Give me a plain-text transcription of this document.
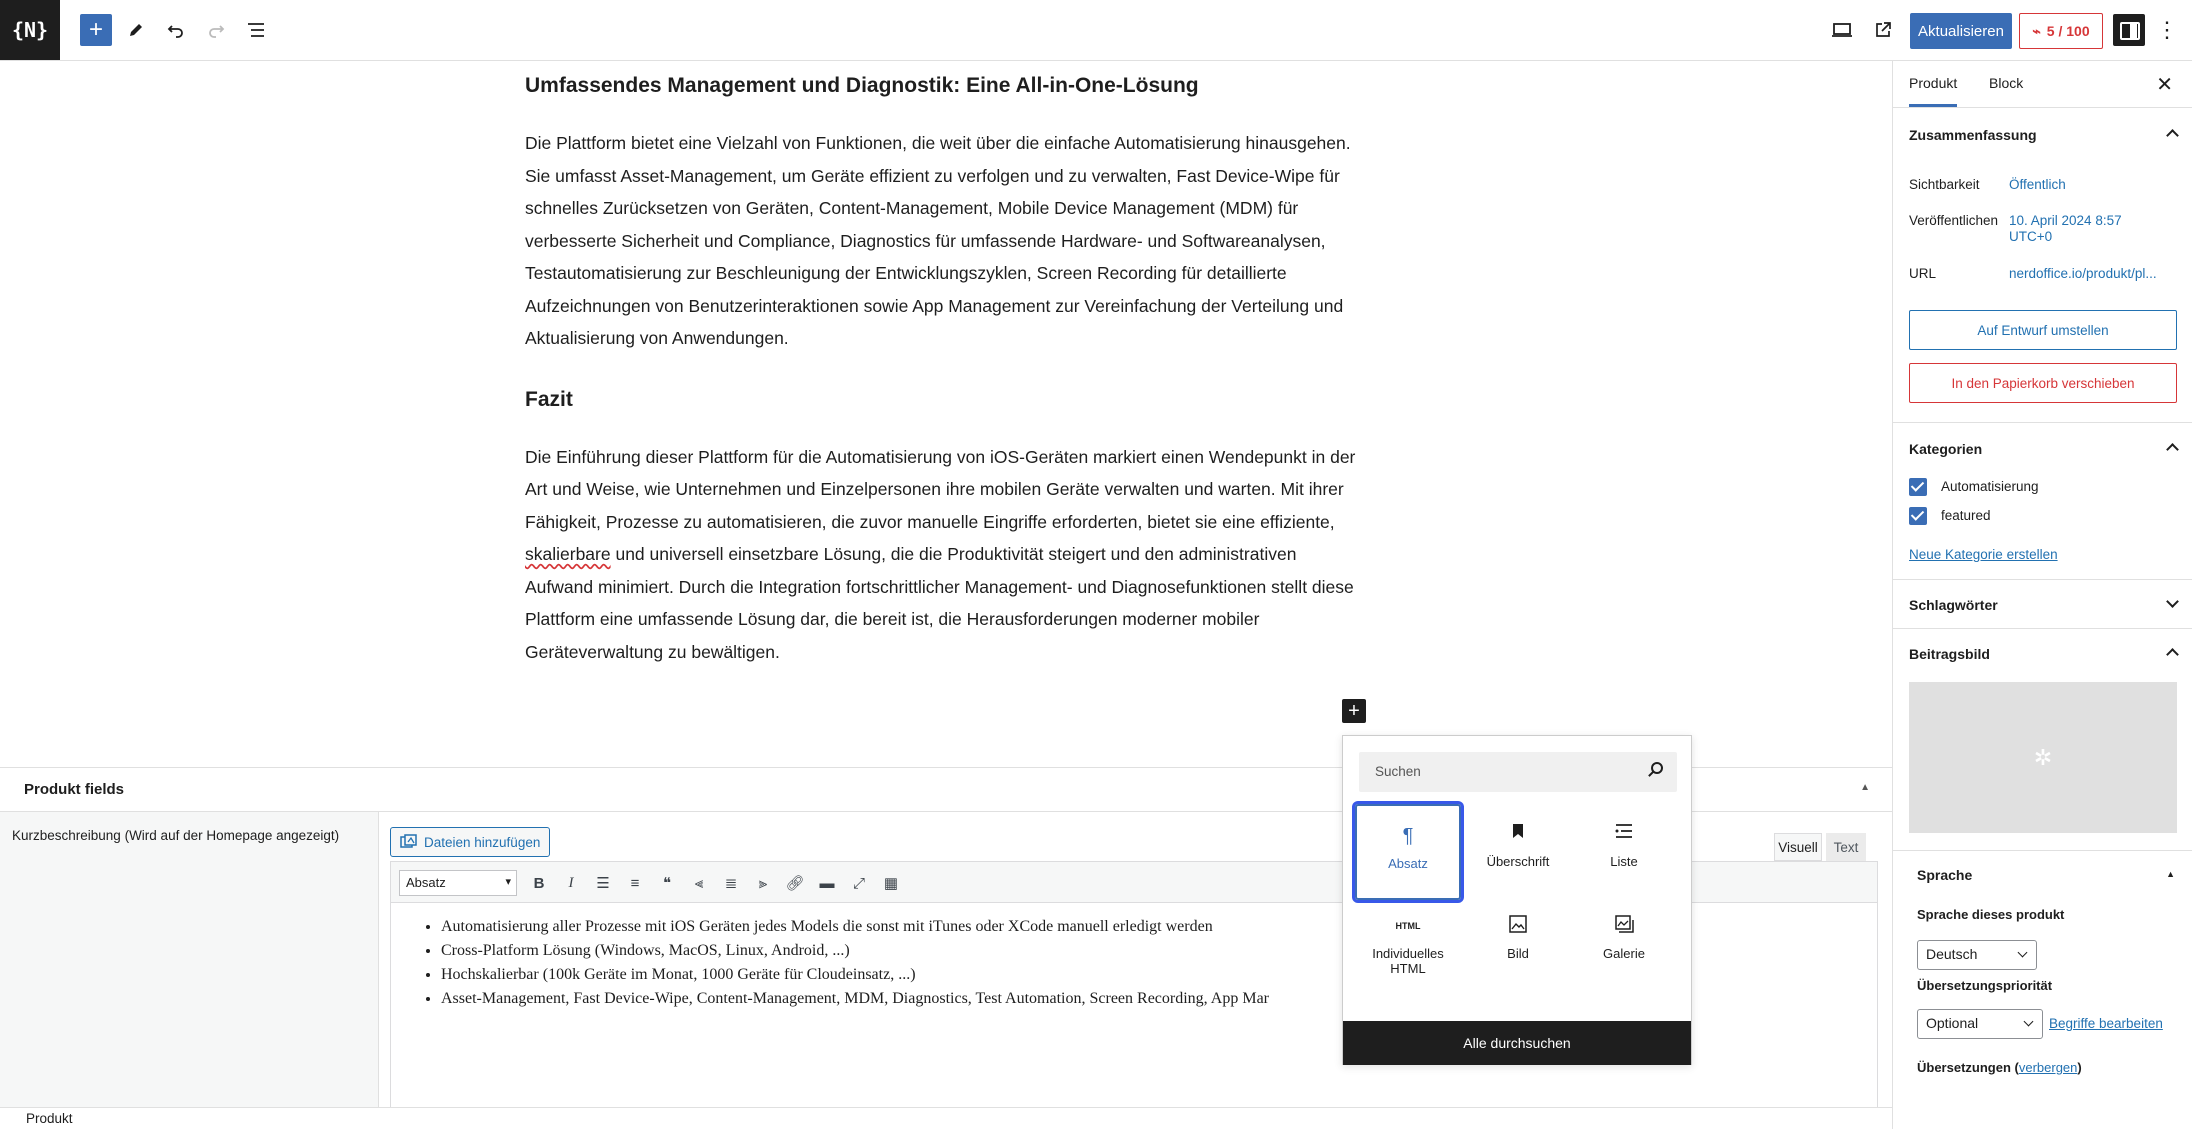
{N} +	Aktualisieren	⌁ 5 / 100	⋮
Umfassendes Management und Diagnostik: Eine All-in-One-Lösung

Die Plattform bietet eine Vielzahl von Funktionen, die weit über die einfache Automatisierung hinausgehen. Sie umfasst Asset-Management, um Geräte effizient zu verfolgen und zu verwalten, Fast Device-Wipe für schnelles Zurücksetzen von Geräten, Content-Management, Mobile Device Management (MDM) für verbesserte Sicherheit und Compliance, Diagnostics für umfassende Hardware- und Softwareanalysen, Testautomatisierung zur Beschleunigung der Entwicklungszyklen, Screen Recording für detaillierte Aufzeichnungen von Benutzerinteraktionen sowie App Management zur Vereinfachung der Verteilung und Aktualisierung von Anwendungen.

Fazit

Die Einführung dieser Plattform für die Automatisierung von iOS-Geräten markiert einen Wendepunkt in der Art und Weise, wie Unternehmen und Einzelpersonen ihre mobilen Geräte verwalten und warten. Mit ihrer Fähigkeit, Prozesse zu automatisieren, die zuvor manuelle Eingriffe erforderten, bietet sie eine effiziente, skalierbare und universell einsetzbare Lösung, die die Produktivität steigert und den administrativen Aufwand minimiert. Durch die Integration fortschrittlicher Management- und Diagnosefunktionen stellt diese Plattform eine umfassende Lösung dar, die bereit ist, die Herausforderungen moderner mobiler Geräteverwaltung zu bewältigen.

+
Produkt fields	▲
Kurzbeschreibung (Wird auf der Homepage angezeigt)	Dateien hinzufügen	Visuell	Text
Absatz ▾	B	I	☰	≡	❝	⫷	≣	⫸	🔗︎ ▬	⤢	▦
• Automatisierung aller Prozesse mit iOS Geräten jedes Models die sonst mit iTunes oder XCode manuell erledigt werden
• Cross-Platform Lösung (Windows, MacOS, Linux, Android, ...)
• Hochskalierbar (100k Geräte im Monat, 1000 Geräte für Cloudeinsatz, ...)
• Asset-Management, Fast Device-Wipe, Content-Management, MDM, Diagnostics, Test Automation, Screen Recording, App Mar
Produkt
Produkt Block	✕
Zusammenfassung
Sichtbarkeit Öffentlich
Veröffentlichen 10. April 2024 8:57
UTC+0
URL	nerdoffice.io/produkt/pl...
Auf Entwurf umstellen
In den Papierkorb verschieben
Kategorien
Automatisierung
featured
Neue Kategorie erstellen
Schlagwörter
Beitragsbild
✲
Sprache	▲
Sprache dieses produkt
Deutsch
Übersetzungspriorität
Optional	Begriffe bearbeiten
Übersetzungen (verbergen)
Suchen
¶
Absatz	Überschrift	Liste
HTML
Individuelles HTML
Bild	Galerie
Alle durchsuchen
